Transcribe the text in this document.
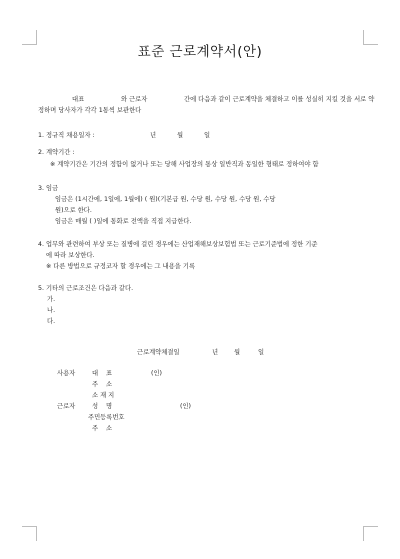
표준 근로계약서(안)
대표	와 근로자	간에 다음과 같이 근로계약을 체결하고 이를 성실히 지킬 것을 서로 약
정하며 당사자가 각각 1통씩 보관한다
1. 정규직 채용일자 :	년	월	일
2. 계약기간 :
※ 계약기간은 기간의 정함이 없거나 또는 당해 사업장의 통상 일반직과 동일한 형태로 정하여야 함
3. 임금
임금은 (1시간에, 1일에, 1월에) ( 원)(기본급 원, 수당 원, 수당 원, 수당 원, 수당
원)으로 한다.
임금은 매월 ( )일에 통화로 전액을 직접 지급한다.
4. 업무와 관련하여 부상 또는 질병에 걸린 경우에는 산업재해보상보험법 또는 근로기준법에 정한 기준
에 따라 보상한다.
※ 다른 방법으로 규정코자 할 경우에는 그 내용을 기록
5. 기타의 근로조건은 다음과 같다.
가.
나.
다.
근로계약체결일	년	월	일
사용자	대 표	(인)
주 소
소 재 지
근로자	성 명	(인)
주민등록번호
주 소
